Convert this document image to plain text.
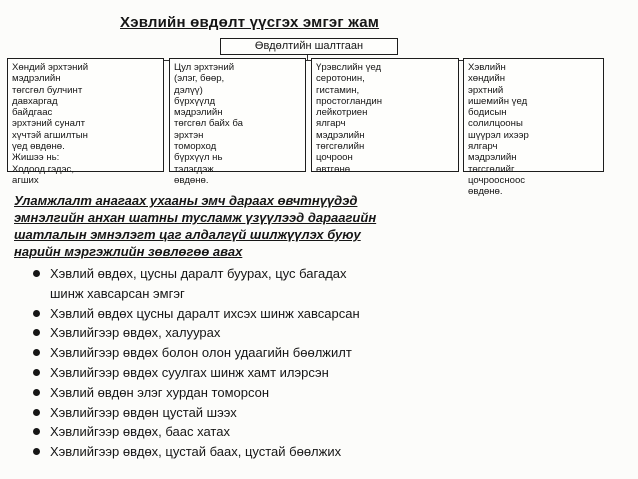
Хэвлийн өвдөлт үүсгэх эмгэг жам
Өвдөлтийн шалтгаан
Хөндий эрхтэний
мэдрэлийн
төгсгөл булчинт
давхаргад
байдгаас
эрхтэний суналт
хүчтэй агшилтын
үед өвдөнө.
Жишээ нь:
Ходоод гэдэс,
агших
Цул эрхтэний
(элэг, бөөр,
дэлүү)
бүрхүүлд
мэдрэлийн
төгсгөл байх ба
эрхтэн
томорход
бүрхүүл нь
тэлэгдэж
өвдөнө.
Үрэвслийн үед
серотонин,
гистамин,
простогландин
лейкотриен
ялгарч
мэдрэлийн
төгсгөлийн
цочроон
өвтгөнө
Хэвлийн
хөндийн
эрхтний
ишемийн үед
бодисын
солилцооны
шүүрэл ихээр
ялгарч
мэдрэлийн
төгсгөлийг
цочроосноос
өвдөнө.
Уламжлалт анагаах ухааны эмч дараах өвчтнүүдэд
эмнэлгийн анхан шатны тусламж үзүүлээд дараагийн
шатлалын эмнэлэгт цаг алдалгүй шилжүүлэх буюу
нарийн мэргэжлийн зөвлөгөө авах
Хэвлий өвдөх, цусны даралт буурах, цус багадах
шинж хавсарсан эмгэг
Хэвлий өвдөх цусны даралт ихсэх шинж хавсарсан
Хэвлийгээр өвдөх, халуурах
Хэвлийгээр өвдөх болон олон удаагийн бөөлжилт
Хэвлийгээр өвдөх суулгах шинж хамт илэрсэн
Хэвлий өвдөн элэг хурдан томорсон
Хэвлийгээр өвдөн цустай шээх
Хэвлийгээр өвдөх, баас хатах
Хэвлийгээр өвдөх, цустай баах, цустай бөөлжих
